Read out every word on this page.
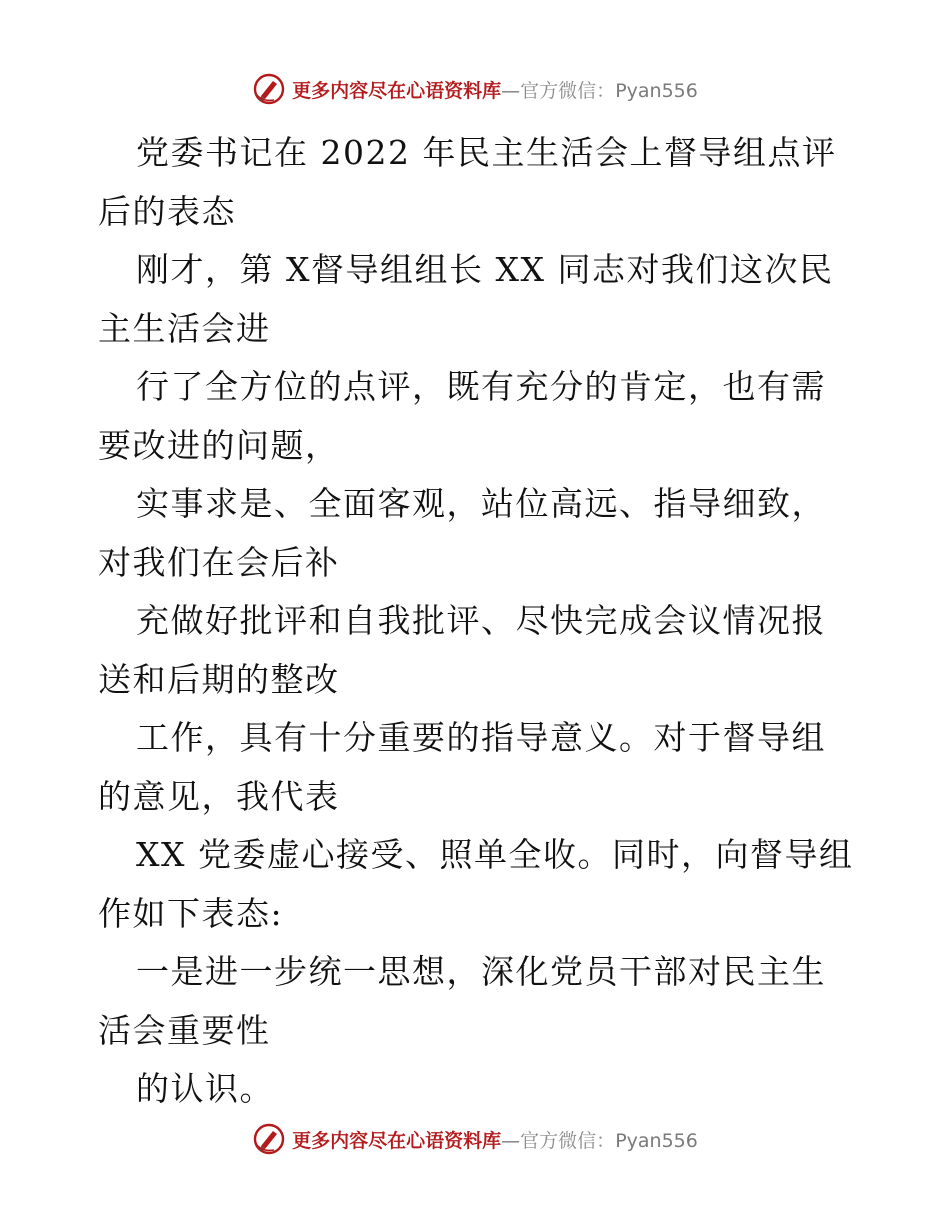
更多内容尽在心语资料库—官方微信：Pyan556

党委书记在 2022 年民主生活会上督导组点评后的表态

刚才，第 X督导组组长 XX 同志对我们这次民主生活会进

行了全方位的点评，既有充分的肯定，也有需要改进的问题，

实事求是、全面客观，站位高远、指导细致，对我们在会后补

充做好批评和自我批评、尽快完成会议情况报送和后期的整改

工作，具有十分重要的指导意义。对于督导组的意见，我代表

XX 党委虚心接受、照单全收。同时，向督导组作如下表态:

一是进一步统一思想，深化党员干部对民主生活会重要性

的认识。

更多内容尽在心语资料库—官方微信：Pyan556
